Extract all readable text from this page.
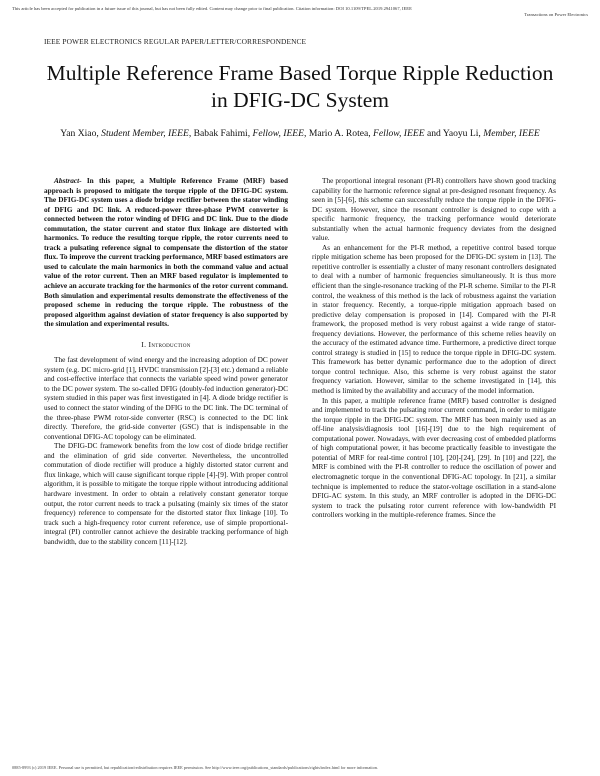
This article has been accepted for publication in a future issue of this journal, but has not been fully edited. Content may change prior to final publication. Citation information: DOI 10.1109/TPEL.2019.2941067, IEEE
Transactions on Power Electronics
IEEE POWER ELECTRONICS REGULAR PAPER/LETTER/CORRESPONDENCE
Multiple Reference Frame Based Torque Ripple Reduction in DFIG-DC System
Yan Xiao, Student Member, IEEE, Babak Fahimi, Fellow, IEEE, Mario A. Rotea, Fellow, IEEE and Yaoyu Li, Member, IEEE

Abstract- In this paper, a Multiple Reference Frame (MRF) based approach is proposed to mitigate the torque ripple of the DFIG-DC system. The DFIG-DC system uses a diode bridge rectifier between the stator winding of DFIG and DC link. A reduced-power three-phase PWM converter is connected between the rotor winding of DFIG and DC link. Due to the diode commutation, the stator current and stator flux linkage are distorted with harmonics. To reduce the resulting torque ripple, the rotor currents need to track a pulsating reference signal to compensate the distortion of the stator flux. To improve the current tracking performance, MRF based estimators are used to calculate the main harmonics in both the command value and actual value of the rotor current. Then an MRF based regulator is implemented to achieve an accurate tracking for the harmonics of the rotor current command. Both simulation and experimental results demonstrate the effectiveness of the proposed scheme in reducing the torque ripple. The robustness of the proposed algorithm against deviation of stator frequency is also supported by the simulation and experimental results.

I. Introduction

The fast development of wind energy and the increasing adoption of DC power system (e.g. DC micro-grid [1], HVDC transmission [2]-[3] etc.) demand a reliable and cost-effective interface that connects the variable speed wind power generator to the DC power system. The so-called DFIG (doubly-fed induction generator)-DC system studied in this paper was first investigated in [4]. A diode bridge rectifier is used to connect the stator winding of the DFIG to the DC link. The DC terminal of the three-phase PWM rotor-side converter (RSC) is connected to the DC link directly. Therefore, the grid-side converter (GSC) that is indispensable in the conventional DFIG-AC topology can be eliminated.

The DFIG-DC framework benefits from the low cost of diode bridge rectifier and the elimination of grid side converter. Nevertheless, the uncontrolled commutation of diode rectifier will produce a highly distorted stator current and flux linkage, which will cause significant torque ripple [4]-[9]. With proper control algorithm, it is possible to mitigate the torque ripple without introducing additional hardware investment. In order to obtain a relatively constant generator torque output, the rotor current needs to track a pulsating (mainly six times of the stator frequency) reference to compensate for the distorted stator flux linkage [10]. To track such a high-frequency rotor current reference, use of simple proportional-integral (PI) controller cannot achieve the desirable tracking performance of high bandwidth, due to the stability concern [11]-[12].

The proportional integral resonant (PI-R) controllers have shown good tracking capability for the harmonic reference signal at pre-designed resonant frequency. As seen in [5]-[6], this scheme can successfully reduce the torque ripple in the DFIG-DC system. However, since the resonant controller is designed to cope with a specific harmonic frequency, the tracking performance would deteriorate substantially when the actual harmonic frequency deviates from the designed value.

As an enhancement for the PI-R method, a repetitive control based torque ripple mitigation scheme has been proposed for the DFIG-DC system in [13]. The repetitive controller is essentially a cluster of many resonant controllers designated to deal with a number of harmonic frequencies simultaneously. It is thus more efficient than the single-resonance tracking of the PI-R scheme. Similar to the PI-R control, the weakness of this method is the lack of robustness against the variation in stator frequency. Recently, a torque-ripple mitigation approach based on predictive delay compensation is proposed in [14]. Compared with the PI-R framework, the proposed method is very robust against a wide range of stator-frequency deviations. However, the performance of this scheme relies heavily on the accuracy of the estimated advance time. Furthermore, a predictive direct torque control strategy is studied in [15] to reduce the torque ripple in DFIG-DC system. This framework has better dynamic performance due to the adoption of direct torque control technique. Also, this scheme is very robust against the stator frequency variation. However, similar to the scheme investigated in [14], this method is limited by the availability and accuracy of the model information.

In this paper, a multiple reference frame (MRF) based controller is designed and implemented to track the pulsating rotor current command, in order to mitigate the torque ripple in the DFIG-DC system. The MRF has been mainly used as an off-line analysis/diagnosis tool [16]-[19] due to the high requirement of computational power. Nowadays, with ever decreasing cost of embedded platforms of high computational power, it has become practically feasible to investigate the potential of MRF for real-time control [10], [20]-[24], [29]. In [10] and [22], the MRF is combined with the PI-R controller to reduce the oscillation of power and electromagnetic torque in the conventional DFIG-AC topology. In [21], a similar technique is implemented to reduce the stator-voltage oscillation in a stand-alone DFIG-AC system. In this study, an MRF controller is adopted in the DFIG-DC system to track the pulsating rotor current reference with low-bandwidth PI controllers working in the multiple-reference frames. Since the

0885-8993 (c) 2019 IEEE. Personal use is permitted, but republication/redistribution requires IEEE permission. See http://www.ieee.org/publications_standards/publications/rights/index.html for more information.
